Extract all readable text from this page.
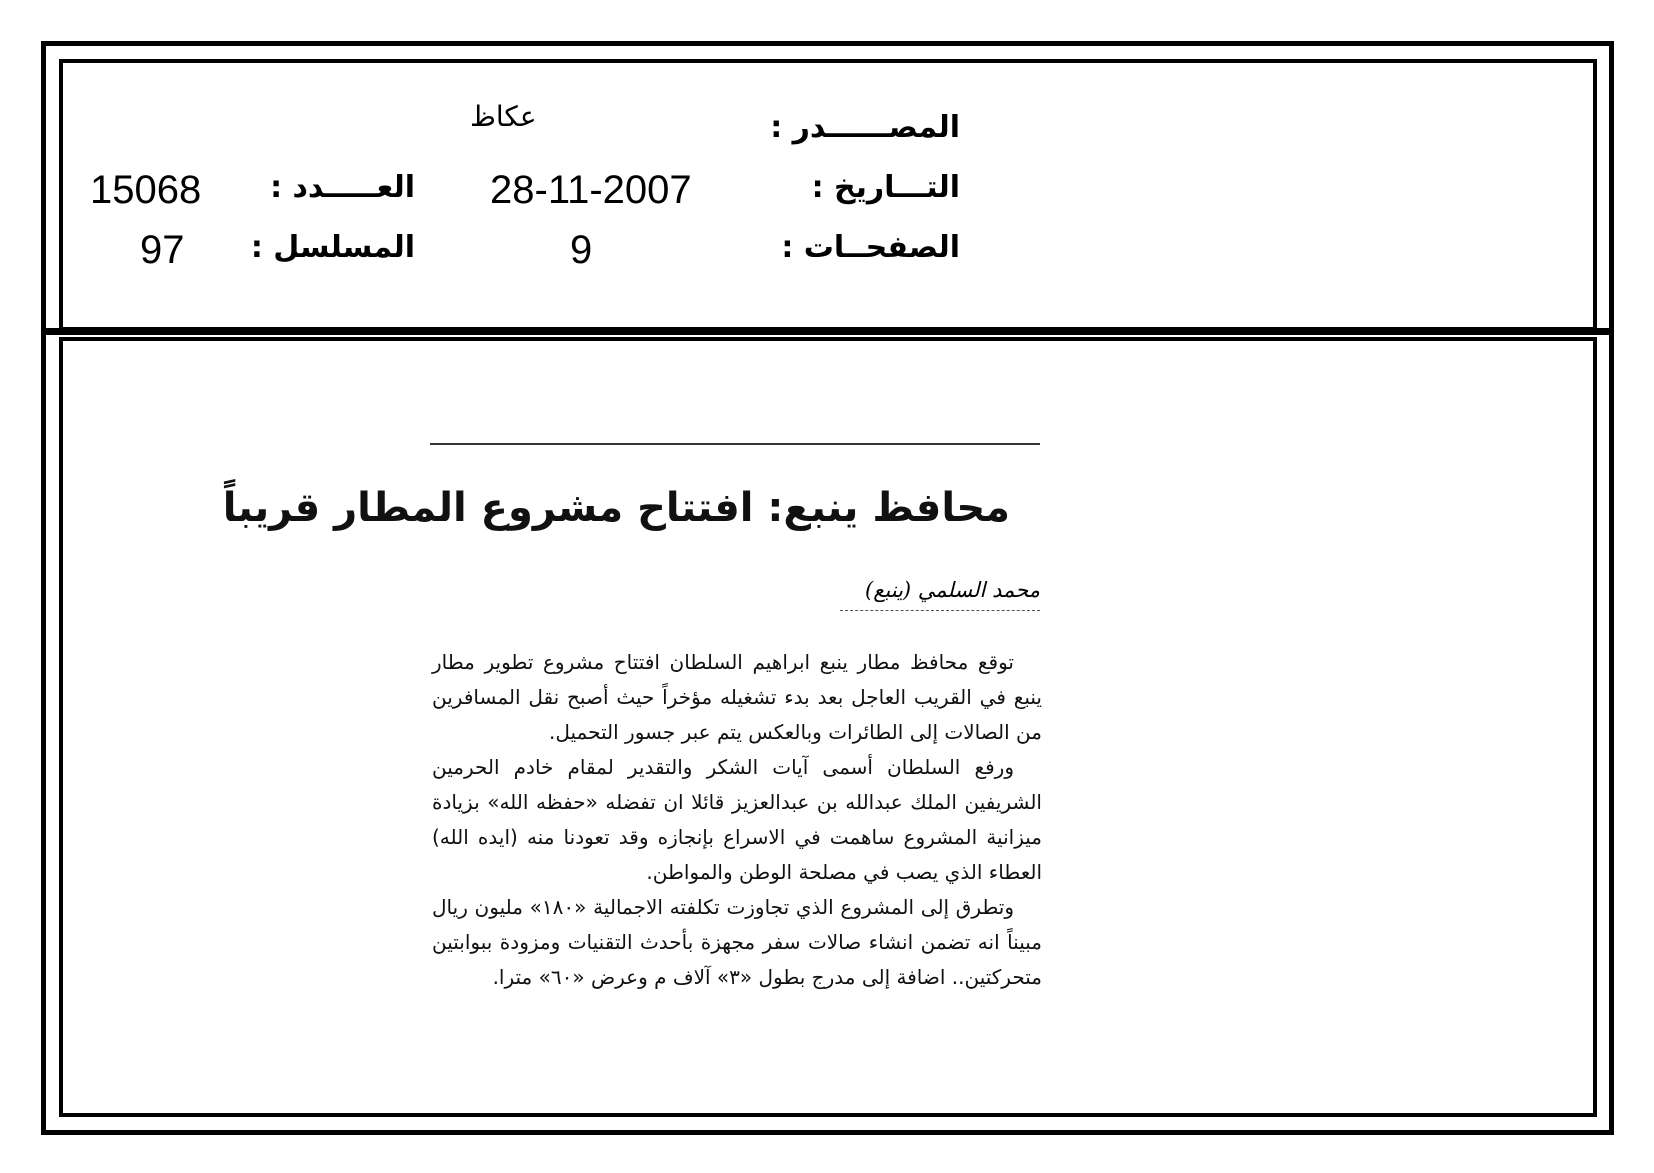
المصــــــدر :
عكاظ
التـــاريخ :
28-11-2007
الصفحــات :
9
العـــــدد :
15068
المسلسل :
97
محافظ ينبع: افتتاح مشروع المطار قريباً
محمد السلمي (ينبع)

توقع محافظ مطار ينبع ابراهيم السلطان افتتاح مشروع تطوير مطار ينبع في القريب العاجل بعد بدء تشغيله مؤخراً حيث أصبح نقل المسافرين من الصالات إلى الطائرات وبالعكس يتم عبر جسور التحميل.

ورفع السلطان أسمى آيات الشكر والتقدير لمقام خادم الحرمين الشريفين الملك عبدالله بن عبدالعزيز قائلا ان تفضله «حفظه الله» بزيادة ميزانية المشروع ساهمت في الاسراع بإنجازه وقد تعودنا منه (ايده الله) العطاء الذي يصب في مصلحة الوطن والمواطن.

وتطرق إلى المشروع الذي تجاوزت تكلفته الاجمالية «١٨٠» مليون ريال مبيناً انه تضمن انشاء صالات سفر مجهزة بأحدث التقنيات ومزودة ببوابتين متحركتين.. اضافة إلى مدرج بطول «٣» آلاف م وعرض «٦٠» مترا.
